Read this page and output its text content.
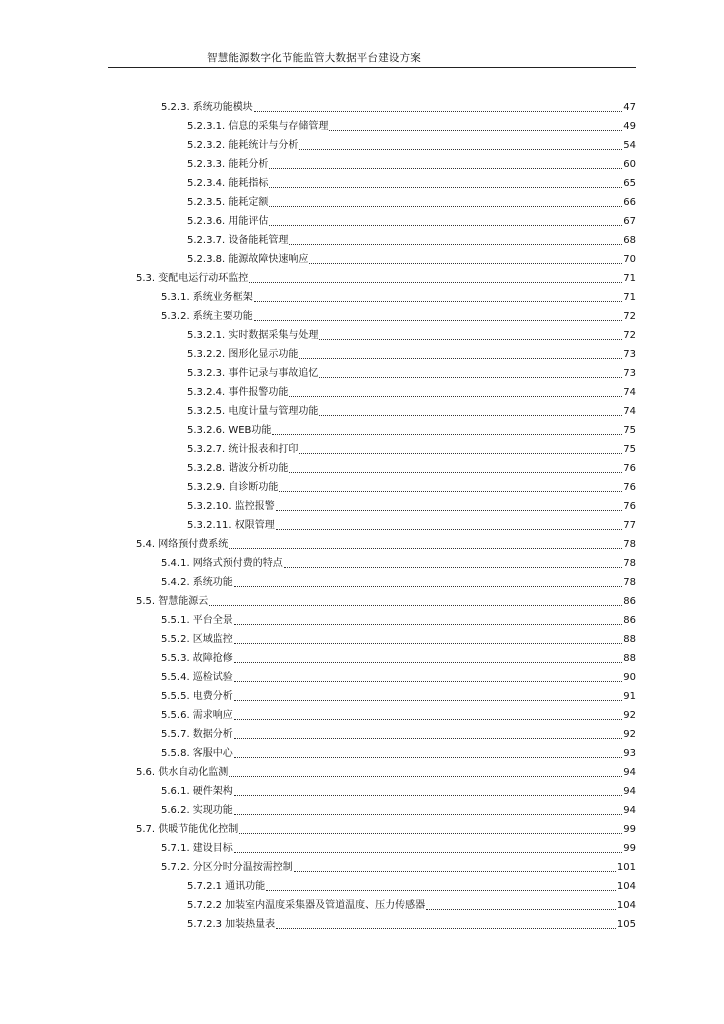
智慧能源数字化节能监管大数据平台建设方案
5.2.3. 系统功能模块	47
5.2.3.1. 信息的采集与存储管理	49
5.2.3.2. 能耗统计与分析	54
5.2.3.3. 能耗分析	60
5.2.3.4. 能耗指标	65
5.2.3.5. 能耗定额	66
5.2.3.6. 用能评估	67
5.2.3.7. 设备能耗管理	68
5.2.3.8. 能源故障快速响应	70
5.3. 变配电运行动环监控	71
5.3.1. 系统业务框架	71
5.3.2. 系统主要功能	72
5.3.2.1. 实时数据采集与处理	72
5.3.2.2. 图形化显示功能	73
5.3.2.3. 事件记录与事故追忆	73
5.3.2.4. 事件报警功能	74
5.3.2.5. 电度计量与管理功能	74
5.3.2.6. WEB功能	75
5.3.2.7. 统计报表和打印	75
5.3.2.8. 谐波分析功能	76
5.3.2.9. 自诊断功能	76
5.3.2.10. 监控报警	76
5.3.2.11. 权限管理	77
5.4. 网络预付费系统	78
5.4.1. 网络式预付费的特点	78
5.4.2. 系统功能	78
5.5. 智慧能源云	86
5.5.1. 平台全景	86
5.5.2. 区域监控	88
5.5.3. 故障抢修	88
5.5.4. 巡检试验	90
5.5.5. 电费分析	91
5.5.6. 需求响应	92
5.5.7. 数据分析	92
5.5.8. 客服中心	93
5.6. 供水自动化监测	94
5.6.1. 硬件架构	94
5.6.2. 实现功能	94
5.7. 供暖节能优化控制	99
5.7.1. 建设目标	99
5.7.2. 分区分时分温按需控制	101
5.7.2.1 通讯功能	104
5.7.2.2 加装室内温度采集器及管道温度、压力传感器	104
5.7.2.3 加装热量表	105
